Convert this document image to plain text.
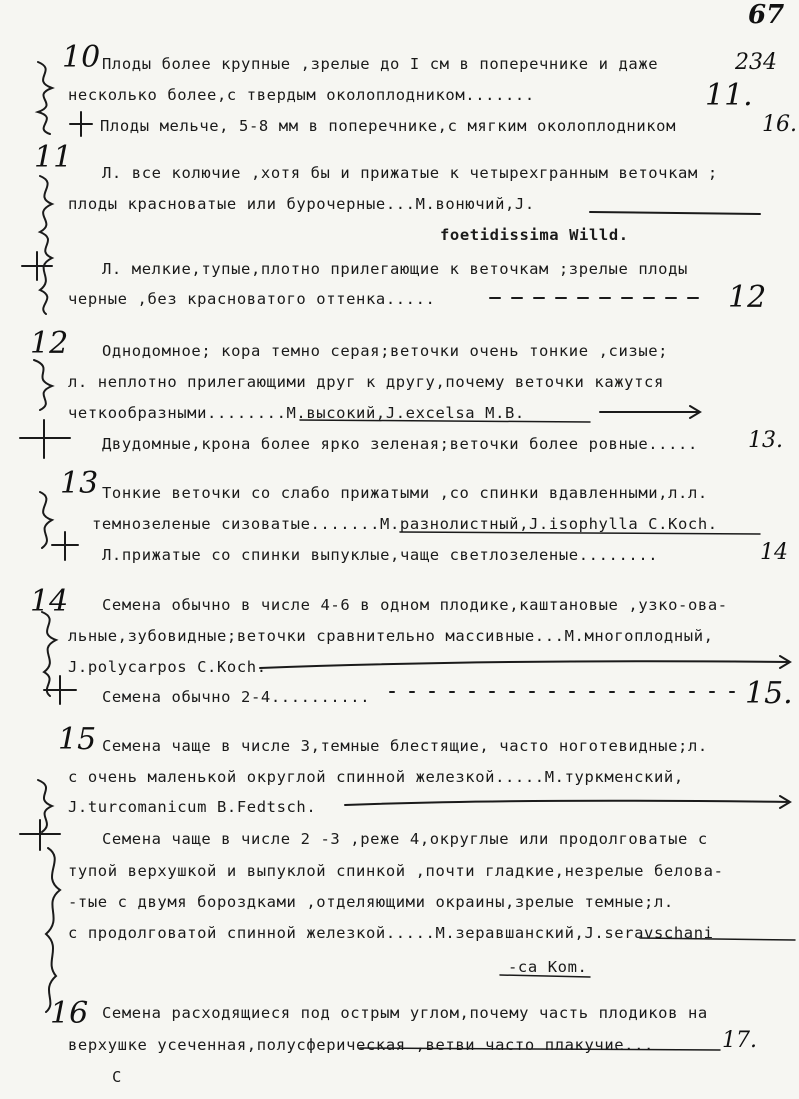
67
234
10 Плоды более крупные ,зрелые до I см в поперечнике и даже
несколько более,с твердым околоплодником.......	11.
Плоды мельче, 5-8 мм в поперечнике,с мягким околоплодником	16.
11 Л. все колючие ,хотя бы и прижатые к четырехгранным веточкам ;
плоды красноватые или бурочерные...М.вонючий,J.
foetidissima Willd.
Л. мелкие,тупые,плотно прилегающие к веточкам ;зрелые плоды
черные ,без красноватого оттенка.....	12
12 Однодомное; кора темно серая;веточки очень тонкие ,сизые;
л. неплотно прилегающими друг к другу,почему веточки кажутся
четкообразными........М.высокий,J.excelsa M.B.
Двудомные,крона более ярко зеленая;веточки более ровные..... 13.
13 Тонкие веточки со слабо прижатыми ,со спинки вдавленными,л.л.
темнозеленые сизоватые.......М.разнолистный,J.isophylla C.Koch.
Л.прижатые со спинки выпуклые,чаще светлозеленые........	14
14 Семена обычно в числе 4-6 в одном плодике,каштановые ,узко-ова-
льные,зубовидные;веточки сравнительно массивные...М.многоплодный,
J.polycarpos C.Koch.
Семена обычно 2-4..........	15.
15 Семена чаще в числе 3,темные блестящие, часто ноготевидные;л.
с очень маленькой округлой спинной железкой.....М.туркменский,
J.turcomanicum B.Fedtsch.
Семена чаще в числе 2 -3 ,реже 4,округлые или продолговатые с
тупой верхушкой и выпуклой спинкой ,почти гладкие,незрелые белова-
-тые с двумя бороздками ,отделяющими окраины,зрелые темные;л.
с продолговатой спинной железкой.....М.зеравшанский,J.seravschani
-ca Kom.
16 Семена расходящиеся под острым углом,почему часть плодиков на
верхушке усеченная,полусферическая ,ветви часто плакучие...	17.
С
